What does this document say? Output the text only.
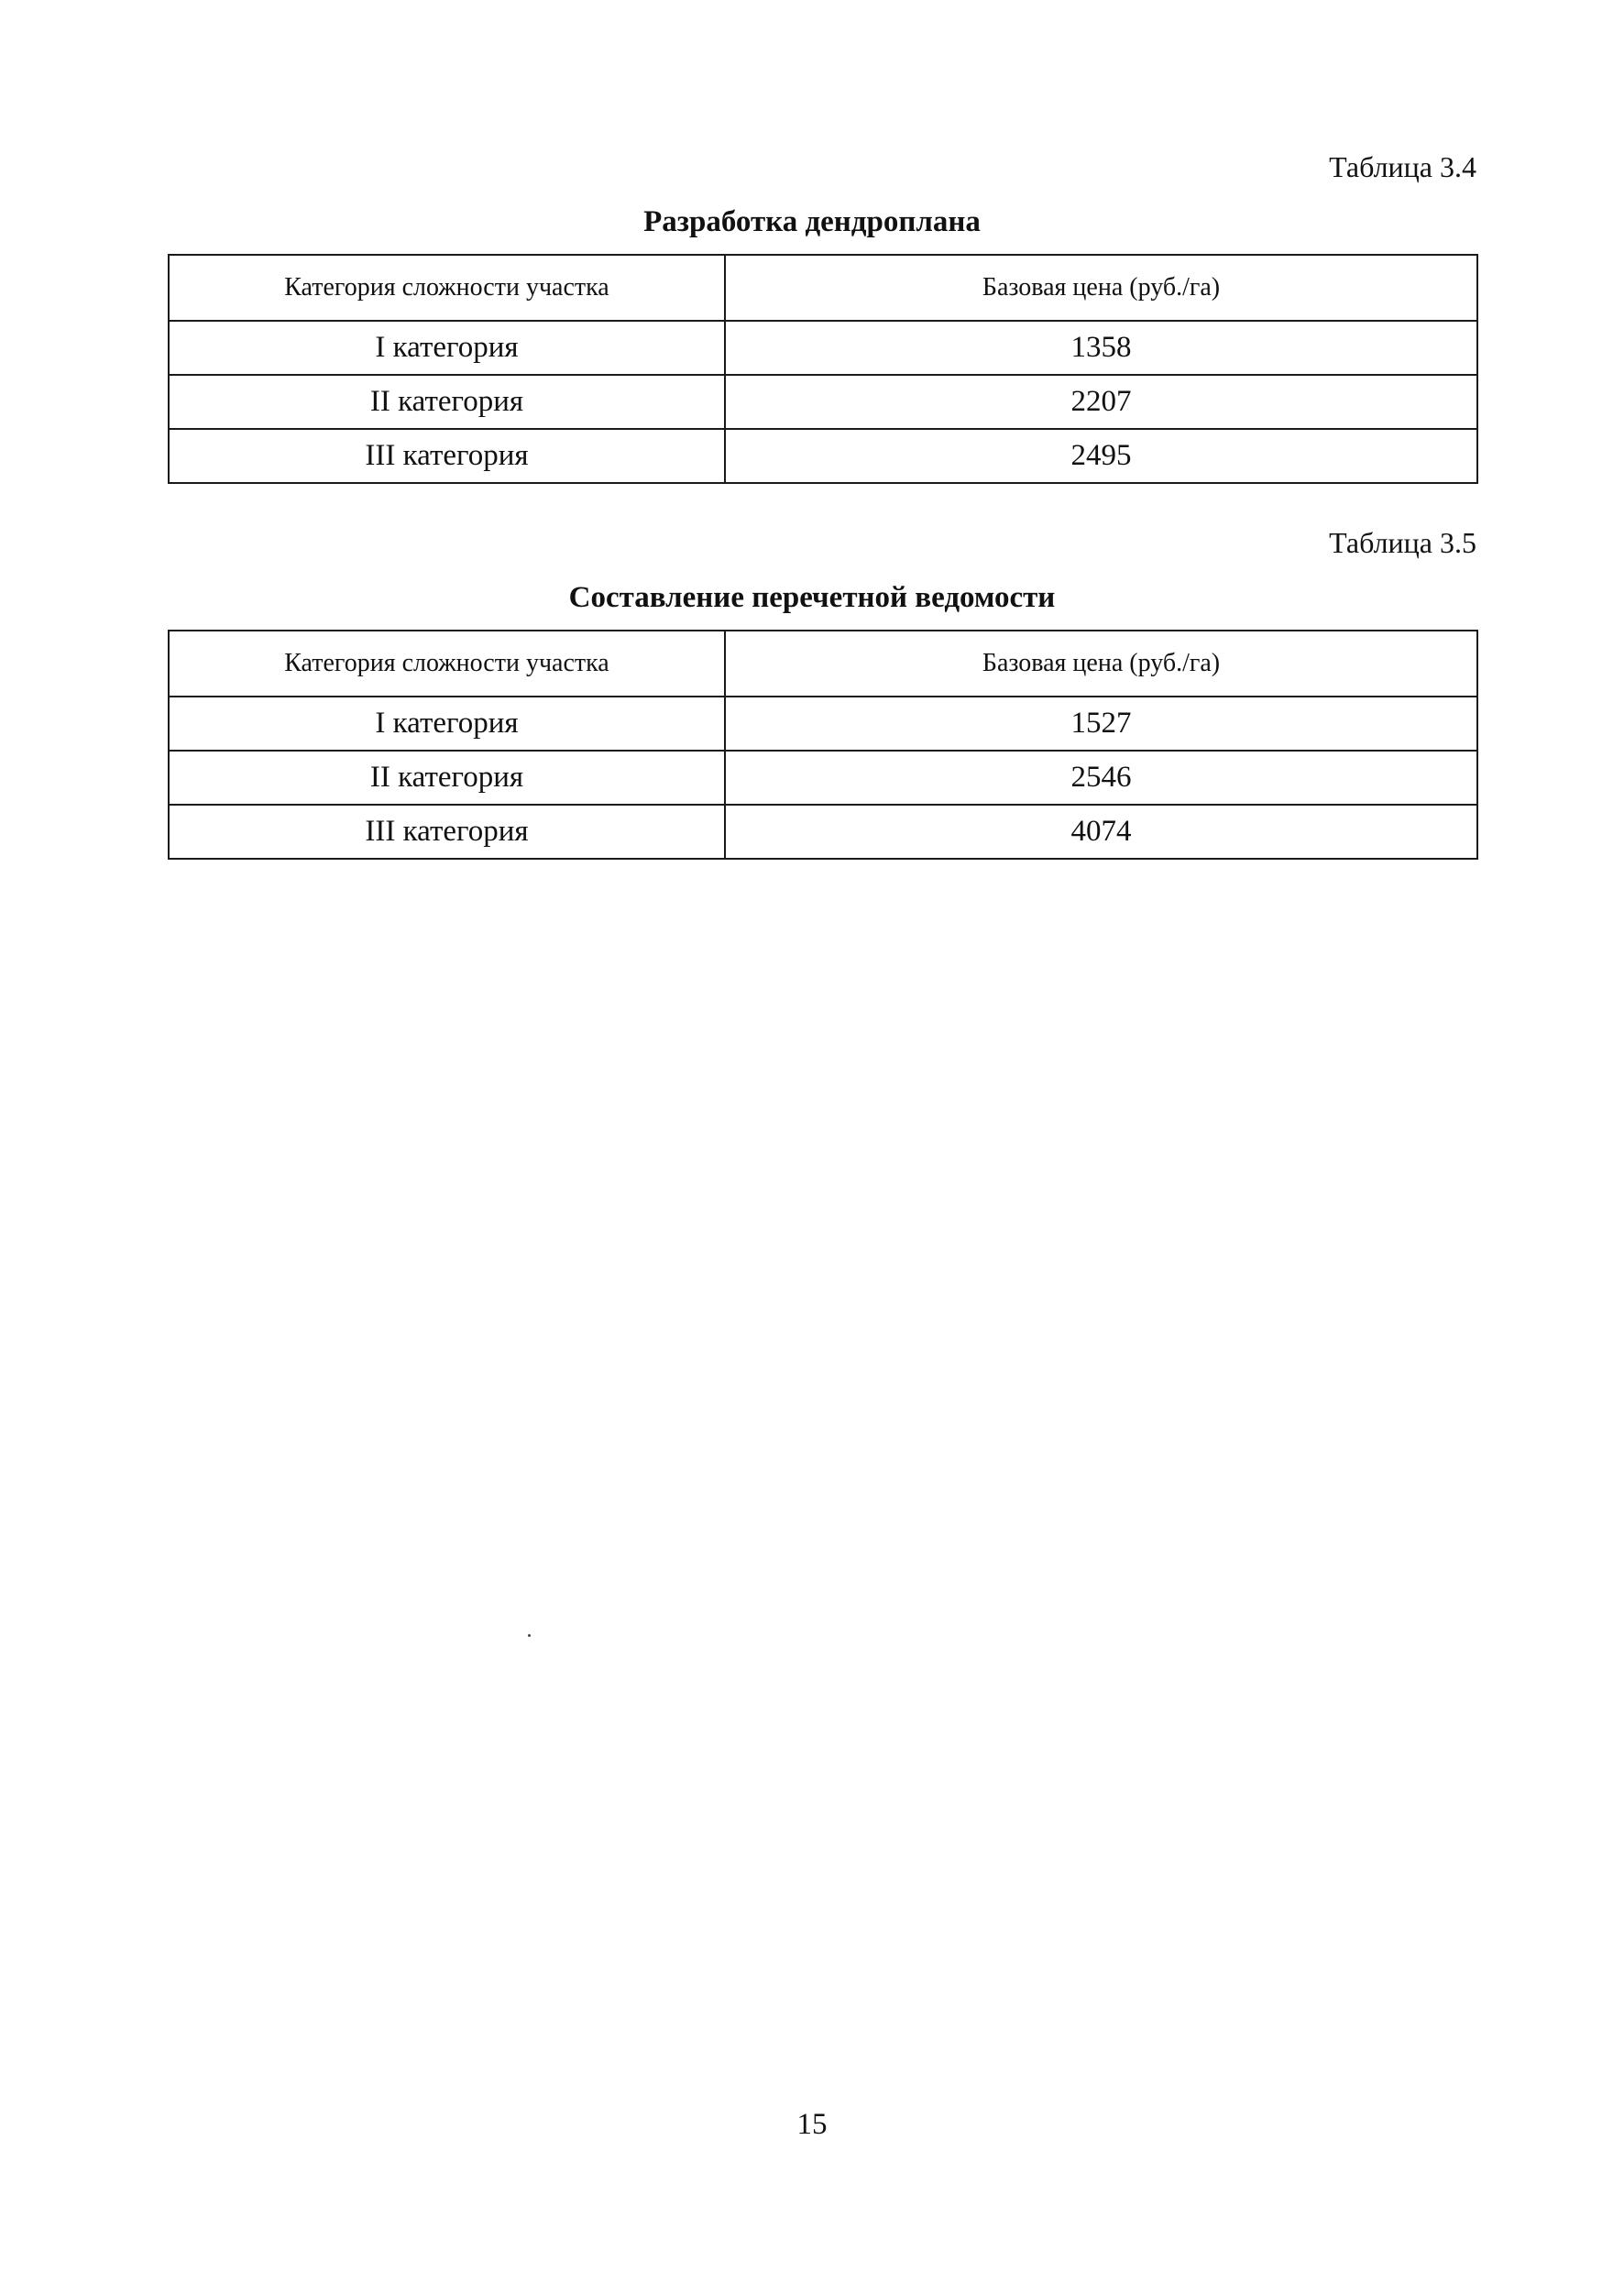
Таблица 3.4
Разработка дендроплана
Категория сложности участка	Базовая цена (руб./га)
I категория	1358
II категория	2207
III категория	2495
Таблица 3.5
Составление перечетной ведомости
Категория сложности участка	Базовая цена (руб./га)
I категория	1527
II категория	2546
III категория	4074
15
